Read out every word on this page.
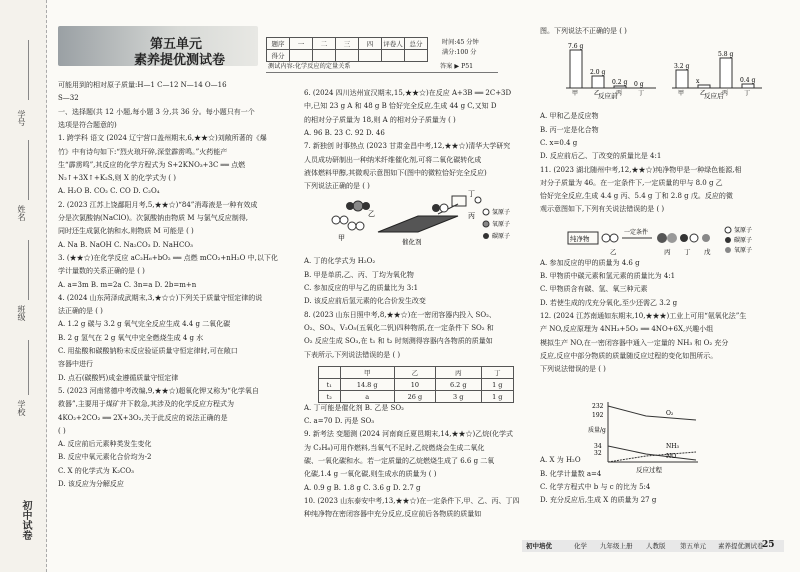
学号
姓名
班级
学校
初中试卷
第五单元
素养提优测试卷
题序	一	二	三	四	评卷人	总分
得分						
时间:45 分钟
满分:100 分
测试内容:化学反应的定量关系	答案 ▶ P51
可能用到的相对原子质量:H—1 C—12 N—14 O—16
S—32
一、选择题(共 12 小题,每小题 3 分,共 36 分。每小题只有一个
选项是符合题意的)
1. 跨学科 语文 (2024 辽宁营口盖州期末,6,★★☆)刘敞所著的《爆
竹》中有诗句如下:“烈火琅玕碎,深堂霹雳鸣。”火药能产
生“霹雳鸣”,其反应的化学方程式为 S+2KNO₃+3C ══ 点燃
N₂↑+3X↑+K₂S,则 X 的化学式为 ( )
A. H₂O B. CO₂ C. CO D. C₂O₄
2. (2023 江苏上饶鄱阳月考,5,★★☆)“84”消毒液是一种有效成
分是次氯酸钠(NaClO)。次氯酸钠由物质 M 与氯气反应制得,
同时还生成氯化钠和水,则物质 M 可能是 ( )
A. Na B. NaOH C. Na₂CO₃ D. NaHCO₃
3. (★★☆)在化学反应 aC₂H₆+bO₂ ══ 点燃 mCO₂+nH₂O 中,以下化
学计量数的关系正确的是 ( )
A. a=3m B. m=2a C. 3n=a D. 2b=m+n
4. (2024 山东菏泽成武期末,3,★☆☆)下列关于质量守恒定律的说
法正确的是 ( )
A. 1.2 g 碳与 3.2 g 氧气完全反应生成 4.4 g 二氧化碳
B. 2 g 氢气在 2 g 氧气中完全燃烧生成 4 g 水
C. 用盐酸和碳酸钠粉末反应验证质量守恒定律时,可在敞口
容器中进行
D. 点石(碳酸钙)成金遵循质量守恒定律
5. (2023 河南常德中考改编,9,★★☆)超氧化钾又称为“化学氧自
救器”,主要用于煤矿井下救急,其涉及的化学反应方程式为
4KO₂+2CO₂ ══ 2X+3O₂,关于此反应的说法正确的是
( )
A. 反应前后元素种类发生变化
B. 反应中氧元素化合价均为-2
C. X 的化学式为 K₂CO₃
D. 该反应为分解反应
6. (2024 四川达州宣汉期末,15,★★☆)在反应 A+3B ══ 2C+3D
中,已知 23 g A 和 48 g B 恰好完全反应,生成 44 g C,又知 D
的相对分子质量为 18,则 A 的相对分子质量为 ( )
A. 96 B. 23 C. 92 D. 46
7. 新独创 时事热点 (2023 甘肃金昌中考,12,★★☆)清华大学研究
人员成功研制出一种纳米纤维催化剂,可将二氧化碳转化成
液体燃料甲醇,其微观示意图如下(图中的微粒恰好完全反应)
下列说法正确的是 ( )
A. 丁的化学式为 H₂O₂
B. 甲是单质,乙、丙、丁均为氧化物
C. 参加反应的甲与乙的质量比为 3:1
D. 该反应前后氢元素的化合价发生改变
8. (2023 山东日照中考,8,★★☆)在一密闭容器内投入 SO₂、
O₂、SO₃、V₂O₅(五氧化二钒)四种物质,在一定条件下 SO₂ 和
O₂ 反应生成 SO₃,在 t₁ 和 t₂ 时刻测得容器内各物质的质量如
下表所示,下列说法错误的是 ( )
A. 丁可能是催化剂 B. 乙是 SO₂
C. a=70 D. 丙是 SO₃
9. 新考法 变题测 (2024 河南商丘夏邑期末,14,★★☆)乙烷(化学式
为 C₂H₆)可用作燃料,当氧气不足时,乙烷燃烧会生成二氧化
碳、一氧化碳和水。若一定质量的乙烷燃烧生成了 6.6 g 二氧
化碳,1.4 g 一氧化碳,则生成水的质量为 ( )
A. 0.9 g B. 1.8 g C. 3.6 g D. 2.7 g
10. (2023 山东泰安中考,13,★★☆)在一定条件下,甲、乙、丙、丁四
种纯净物在密闭容器中充分反应,反应前后各物质的质量如
图。下列说法不正确的是 ( )
A. 甲和乙是反应物
B. 丙一定是化合物
C. x=0.4 g
D. 反应前后乙、丁改变的质量比是 4:1
11. (2023 湖北随州中考,12,★★☆)纯净物甲是一种绿色能源,相
对分子质量为 46。在一定条件下,一定质量的甲与 8.0 g 乙
恰好完全反应,生成 4.4 g 丙、5.4 g 丁和 2.8 g 戊。反应的微
观示意图如下,下列有关说法错误的是 ( )
A. 参加反应的甲的质量为 4.6 g
B. 甲物质中碳元素和氢元素的质量比为 4:1
C. 甲物质含有碳、氢、氧三种元素
D. 若使生成的戊充分氧化,至少还需乙 3.2 g
12. (2024 江苏南通如东期末,10,★★★)工业上可用“氨氧化法”生
产 NO,反应原理为 4NH₃+5O₂ ══ 4NO+6X,兴趣小组
模拟生产 NO,在一密闭容器中通入一定量的 NH₃ 和 O₂ 充分
反应,反应中部分物质的质量随反应过程的变化如图所示。
下列说法错误的是 ( )
A. X 为 H₂O
B. 化学计量数 a=4
C. 化学方程式中 b 与 c 的比为 5:4
D. 充分反应后,生成 X 的质量为 27 g
甲
乙	丙
丁
催化剂
氢原子
氧原子
碳原子
	甲	乙	丙	丁
t₁	14.8 g	10	6.2 g	1 g
t₂	a	26 g	3 g	1 g
7.6 g
甲
2.0 g
乙
0.2 g
丙
0 g
丁
3.2 g
甲
x
乙
5.8 g
丙
0.4 g
丁
反应前	反应后
纯净物
一定条件
乙	丙 丁 戊
氢原子
碳原子
氧原子
质量/g
232
192
34
32
O₂
NH₃
NO
反应过程
初中培优	化学 九年级上册 人教版 第五单元 素养提优测试卷
25
